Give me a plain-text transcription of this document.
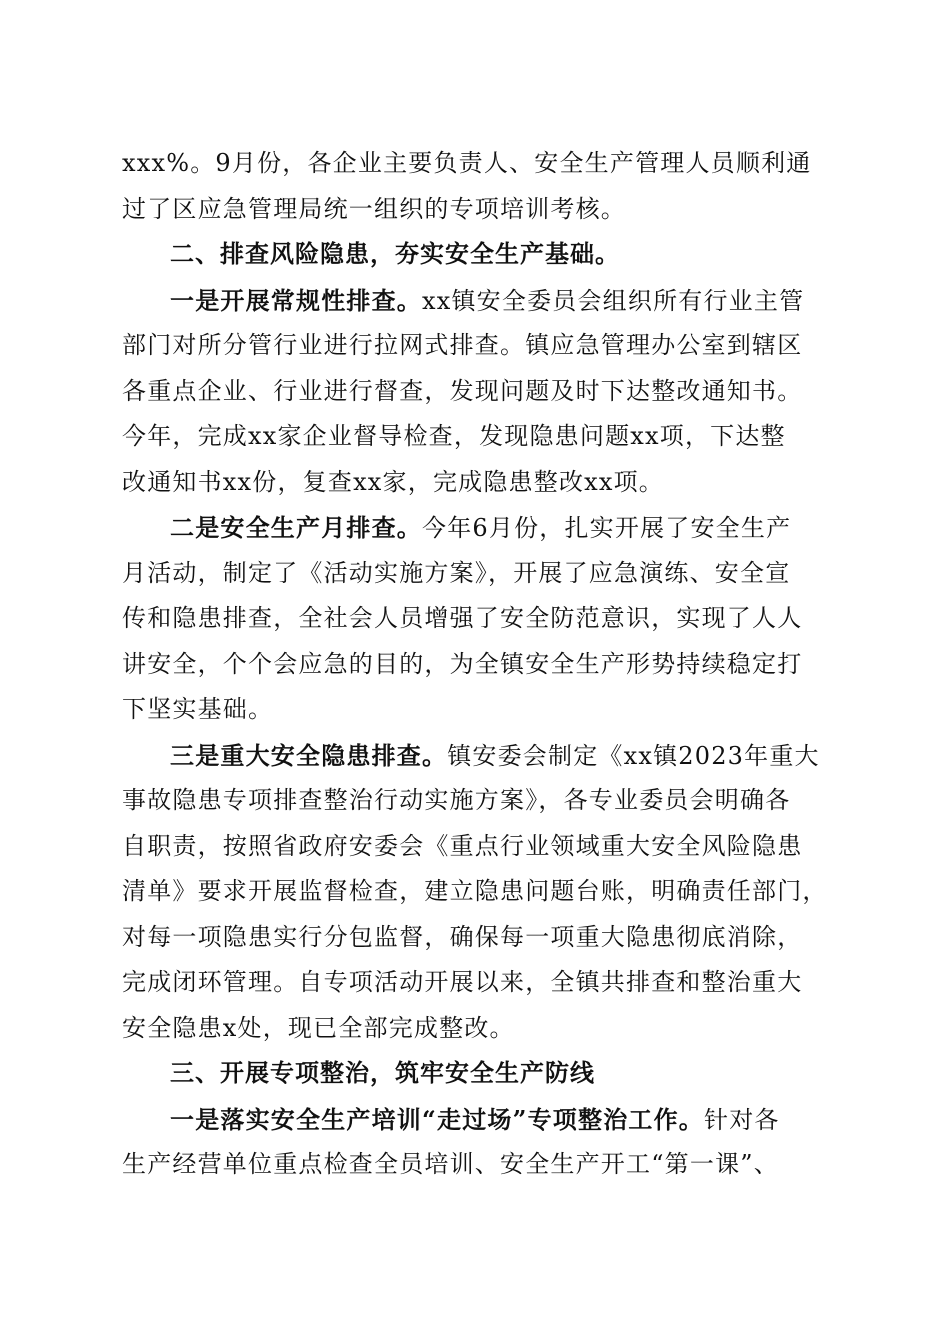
xxx%。9月份，各企业主要负责人、安全生产管理人员顺利通
过了区应急管理局统一组织的专项培训考核。
二、排查风险隐患，夯实安全生产基础。
一是开展常规性排查。xx镇安全委员会组织所有行业主管
部门对所分管行业进行拉网式排查。镇应急管理办公室到辖区
各重点企业、行业进行督查，发现问题及时下达整改通知书。
今年，完成xx家企业督导检查，发现隐患问题xx项，下达整
改通知书xx份，复查xx家，完成隐患整改xx项。
二是安全生产月排查。今年6月份，扎实开展了安全生产
月活动，制定了《活动实施方案》，开展了应急演练、安全宣
传和隐患排查，全社会人员增强了安全防范意识，实现了人人
讲安全，个个会应急的目的，为全镇安全生产形势持续稳定打
下坚实基础。
三是重大安全隐患排查。镇安委会制定《xx镇2023年重大
事故隐患专项排查整治行动实施方案》，各专业委员会明确各
自职责，按照省政府安委会《重点行业领域重大安全风险隐患
清单》要求开展监督检查，建立隐患问题台账，明确责任部门，
对每一项隐患实行分包监督，确保每一项重大隐患彻底消除，
完成闭环管理。自专项活动开展以来，全镇共排查和整治重大
安全隐患x处，现已全部完成整改。
三、开展专项整治，筑牢安全生产防线
一是落实安全生产培训“走过场”专项整治工作。针对各
生产经营单位重点检查全员培训、安全生产开工“第一课”、
